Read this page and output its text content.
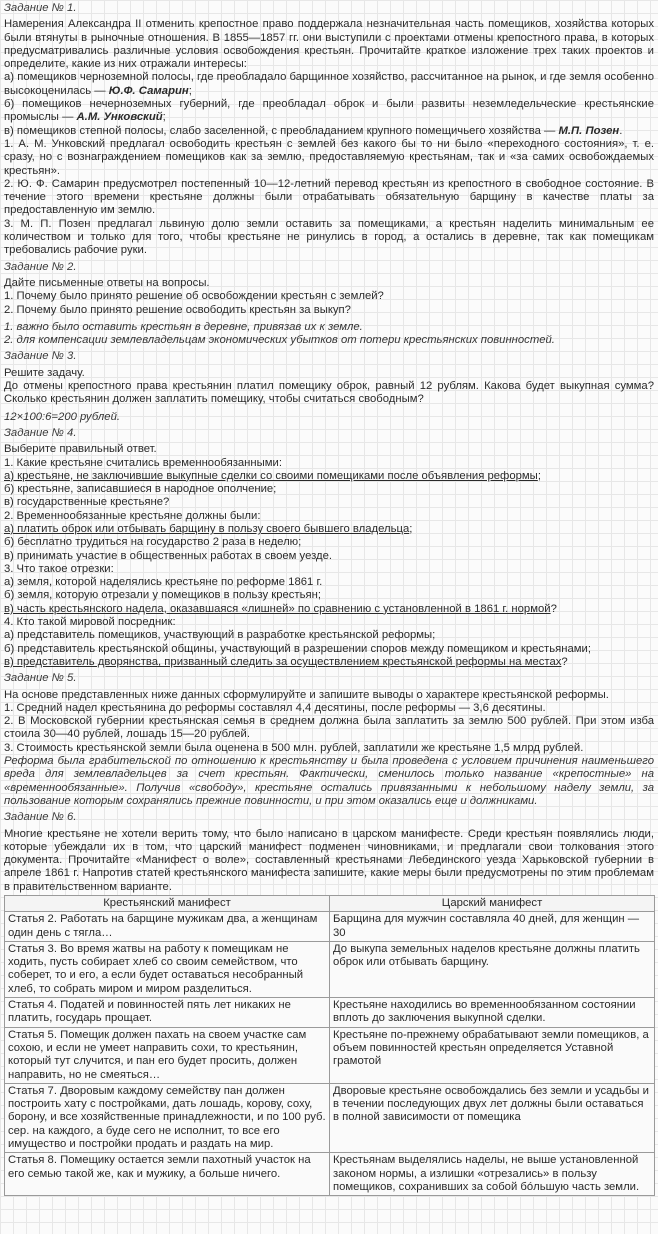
Задание № 1.

Намерения Александра II отменить крепостное право поддержала незначительная часть помещиков, хозяйства которых были втянуты в рыночные отношения. В 1855—1857 гг. они выступили с проектами отмены крепостного права, в которых предусматривались различные условия освобождения крестьян. Прочитайте краткое изложение трех таких проектов и определите, какие из них отражали интересы:

а) помещиков черноземной полосы, где преобладало барщинное хозяйство, рассчитанное на рынок, и где земля особенно высокоценилась — Ю.Ф. Самарин;

б) помещиков нечерноземных губерний, где преобладал оброк и были развиты неземледельческие крестьянские промыслы — А.М. Унковский;

в) помещиков степной полосы, слабо заселенной, с преобладанием крупного помещичьего хозяйства — М.П. Позен.

1. А. М. Унковский предлагал освободить крестьян с землей без какого бы то ни было «переходного состояния», т. е. сразу, но с вознаграждением помещиков как за землю, предоставляемую крестьянам, так и «за самих освобождаемых крестьян».

2. Ю. Ф. Самарин предусмотрел постепенный 10—12-летний перевод крестьян из крепостного в свободное состояние. В течение этого времени крестьяне должны были отрабатывать обязательную барщину в качестве платы за предоставленную им землю.

3. М. П. Позен предлагал львиную долю земли оставить за помещиками, а крестьян наделить минимальным ее количеством и только для того, чтобы крестьяне не ринулись в город, а остались в деревне, так как помещикам требовались рабочие руки.

Задание № 2.

Дайте письменные ответы на вопросы.

1. Почему было принято решение об освобождении крестьян с землей?

2. Почему было принято решение освободить крестьян за выкуп?

1. важно было оставить крестьян в деревне, привязав их к земле.

2. для компенсации землевладельцам экономических убытков от потери крестьянских повинностей.

Задание № 3.

Решите задачу.

До отмены крепостного права крестьянин платил помещику оброк, равный 12 рублям. Какова будет выкупная сумма? Сколько крестьянин должен заплатить помещику, чтобы считаться свободным?

12×100:6=200 рублей.

Задание № 4.

Выберите правильный ответ.

1. Какие крестьяне считались временнообязанными:

а) крестьяне, не заключившие выкупные сделки со своими помещиками после объявления реформы;

б) крестьяне, записавшиеся в народное ополчение;

в) государственные крестьяне?

2. Временнообязанные крестьяне должны были:

а) платить оброк или отбывать барщину в пользу своего бывшего владельца;

б) бесплатно трудиться на государство 2 раза в неделю;

в) принимать участие в общественных работах в своем уезде.

3. Что такое отрезки:

а) земля, которой наделялись крестьяне по реформе 1861 г.

б) земля, которую отрезали у помещиков в пользу крестьян;

в) часть крестьянского надела, оказавшаяся «лишней» по сравнению с установленной в 1861 г. нормой?

4. Кто такой мировой посредник:

а) представитель помещиков, участвующий в разработке крестьянской реформы;

б) представитель крестьянской общины, участвующий в разрешении споров между помещиком и крестьянами;

в) представитель дворянства, призванный следить за осуществлением крестьянской реформы на местах?

Задание № 5.

На основе представленных ниже данных сформулируйте и запишите выводы о характере крестьянской реформы.

1. Средний надел крестьянина до реформы составлял 4,4 десятины, после реформы — 3,6 десятины.

2. В Московской губернии крестьянская семья в среднем должна была заплатить за землю 500 рублей. При этом изба стоила 30—40 рублей, лошадь 15—20 рублей.

3. Стоимость крестьянской земли была оценена в 500 млн. рублей, заплатили же крестьяне 1,5 млрд рублей.

Реформа была грабительской по отношению к крестьянству и была проведена с условием причинения наименьшего вреда для землевладельцев за счет крестьян. Фактически, сменилось только название «крепостные» на «временнообязанные». Получив «свободу», крестьяне остались привязанными к небольшому наделу земли, за пользование которым сохранялись прежние повинности, и при этом оказались еще и должниками.

Задание № 6.

Многие крестьяне не хотели верить тому, что было написано в царском манифесте. Среди крестьян появлялись люди, которые убеждали их в том, что царский манифест подменен чиновниками, и предлагали свои толкования этого документа. Прочитайте «Манифест о воле», составленный крестьянами Лебединского уезда Харьковской губернии в апреле 1861 г. Напротив статей крестьянского манифеста запишите, какие меры были предусмотрены по этим проблемам в правительственном варианте.

Крестьянский манифест	Царский манифест
Статья 2. Работать на барщине мужикам два, а женщинам один день с тягла…	Барщина для мужчин составляла 40 дней, для женщин — 30
Статья 3. Во время жатвы на работу к помещикам не ходить, пусть собирает хлеб со своим семейством, что соберет, то и его, а если будет оставаться несобранный хлеб, то собрать миром и миром разделиться.	До выкупа земельных наделов крестьяне должны платить оброк или отбывать барщину.
Статья 4. Податей и повинностей пять лет никаких не платить, государь прощает.	Крестьяне находились во временнообязанном состоянии вплоть до заключения выкупной сделки.
Статья 5. Помещик должен пахать на своем участке сам сохою, и если не умеет направить сохи, то крестьянин, который тут случится, и пан его будет просить, должен направить, но не смеяться…	Крестьяне по-прежнему обрабатывают земли помещиков, а объем повинностей крестьян определяется Уставной грамотой
Статья 7. Дворовым каждому семейству пан должен построить хату с постройками, дать лошадь, корову, соху, борону, и все хозяйственные принадлежности, и по 100 руб. сер. на каждого, а буде сего не исполнит, то все его имущество и постройки продать и раздать на мир.	Дворовые крестьяне освобождались без земли и усадьбы и в течении последующих двух лет должны были оставаться в полной зависимости от помещика
Статья 8. Помещику остается земли пахотный участок на его семью такой же, как и мужику, а больше ничего.	Крестьянам выделялись наделы, не выше установленной законом нормы, а излишки «отрезались» в пользу помещиков, сохранивших за собой бóльшую часть земли.
